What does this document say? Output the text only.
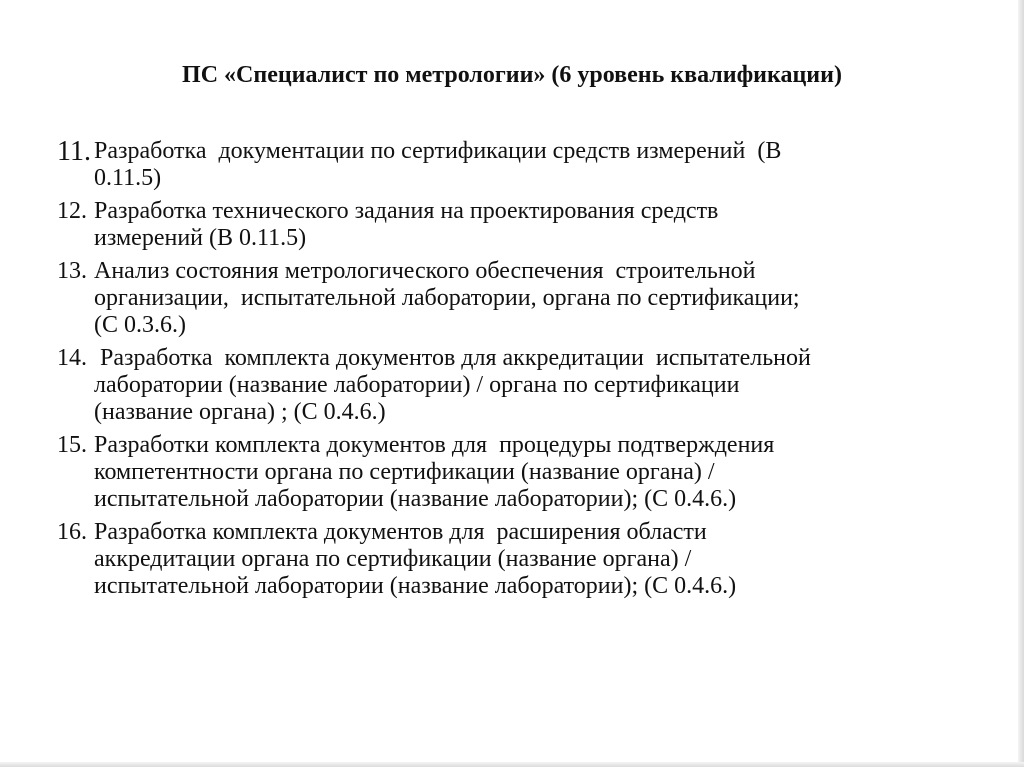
ПС «Специалист по метрологии» (6 уровень квалификации)
11. Разработка  документации по сертификации средств измерений  (В
0.11.5)
12. Разработка технического задания на проектирования средств
измерений (В 0.11.5)
13. Анализ состояния метрологического обеспечения  строительной
организации,  испытательной лаборатории, органа по сертификации;
(С 0.3.6.)
14. Разработка  комплекта документов для аккредитации  испытательной
лаборатории (название лаборатории) / органа по сертификации
(название органа) ; (С 0.4.6.)
15. Разработки комплекта документов для  процедуры подтверждения
компетентности органа по сертификации (название органа) /
испытательной лаборатории (название лаборатории); (С 0.4.6.)
16. Разработка комплекта документов для  расширения области
аккредитации органа по сертификации (название органа) /
испытательной лаборатории (название лаборатории); (С 0.4.6.)
